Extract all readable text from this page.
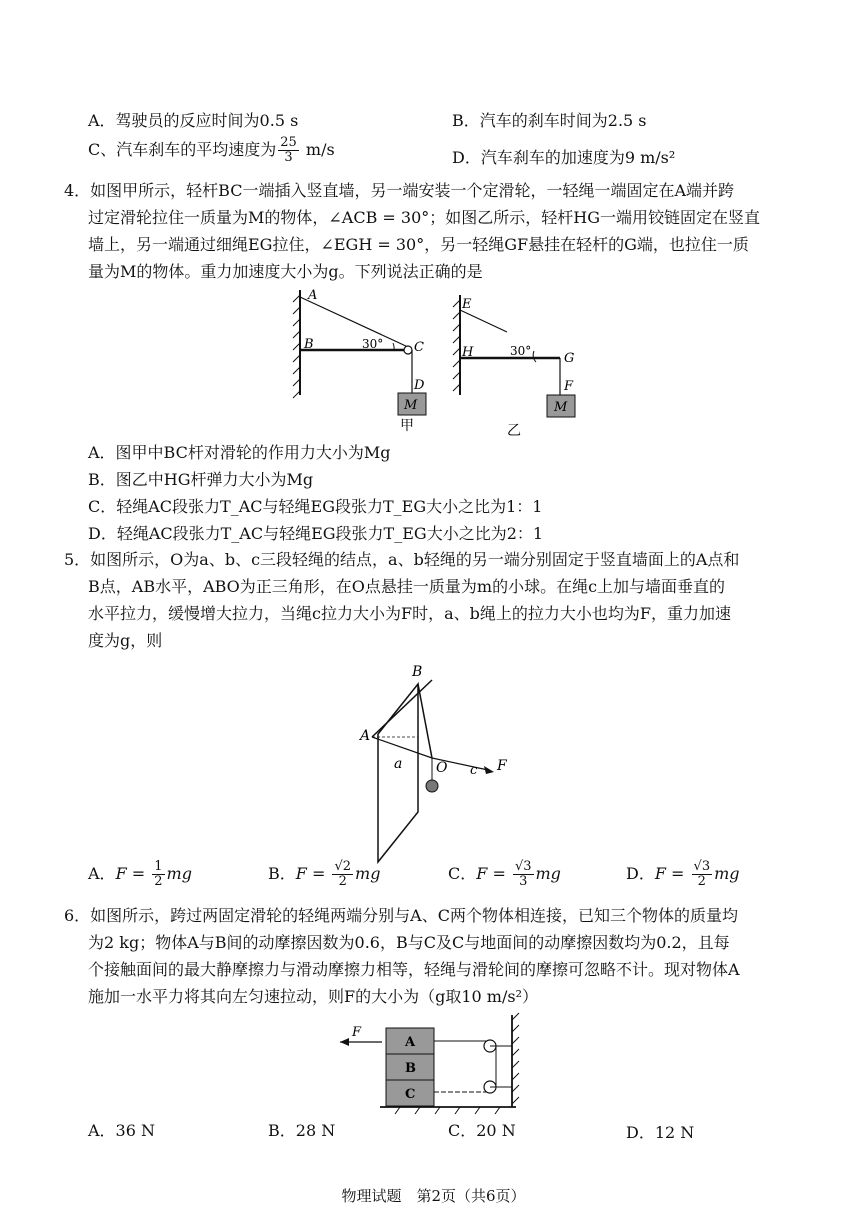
A．驾驶员的反应时间为0.5 s	B．汽车的刹车时间为2.5 s
C、汽车刹车的平均速度为 $\frac{25}{3} m/s$	D．汽车刹车的加速度为9 m/s²
4．如图甲所示，轻杆BC一端插入竖直墙，另一端安装一个定滑轮，一轻绳一端固定在A端并跨
过定滑轮拉住一质量为M的物体，∠ACB = 30°；如图乙所示，轻杆HG一端用铰链固定在竖直
墙上，另一端通过细绳EG拉住，∠EGH = 30°，另一轻绳GF悬挂在轻杆的G端，也拉住一质
量为M的物体。重力加速度大小为g。下列说法正确的是
A
B	C
D
30°
M
甲
E
H	G
F
30°
M
乙
A．图甲中BC杆对滑轮的作用力大小为Mg
B．图乙中HG杆弹力大小为Mg
C．轻绳AC段张力T_AC与轻绳EG段张力T_EG大小之比为1：1
D．轻绳AC段张力T_AC与轻绳EG段张力T_EG大小之比为2：1
5．如图所示，O为a、b、c三段轻绳的结点，a、b轻绳的另一端分别固定于竖直墙面上的A点和
B点，AB水平，ABO为正三角形，在O点悬挂一质量为m的小球。在绳c上加与墙面垂直的
水平拉力，缓慢增大拉力，当绳c拉力大小为F时，a、b绳上的拉力大小也均为F，重力加速
度为g，则
B
A
a O c F
A．$F = \frac{1}{2}$ mg	B．$F = \frac{√2}{2}$ mg	C．$F = \frac{√3}{3}$ mg	D．$F = \frac{√3}{2}$ mg
6．如图所示，跨过两固定滑轮的轻绳两端分别与A、C两个物体相连接，已知三个物体的质量均
为2 kg；物体A与B间的动摩擦因数为0.6，B与C及C与地面间的动摩擦因数均为0.2，且每
个接触面间的最大静摩擦力与滑动摩擦力相等，轻绳与滑轮间的摩擦可忽略不计。现对物体A
施加一水平力将其向左匀速拉动，则F的大小为（g取10 m/s²）
F
A
B
C
A．36 N	B．28 N	C．20 N	D．12 N
物理试题　第2页（共6页）
